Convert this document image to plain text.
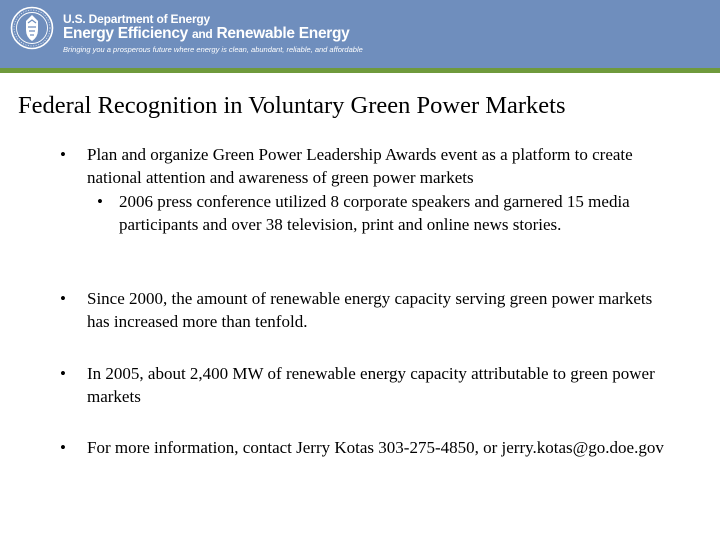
U.S. Department of Energy
Energy Efficiency and Renewable Energy
Bringing you a prosperous future where energy is clean, abundant, reliable, and affordable
Federal Recognition in Voluntary Green Power Markets
•	Plan and organize Green Power Leadership Awards event as a platform to create national attention and awareness of green power markets
• 2006 press conference utilized 8 corporate speakers and garnered 15 media participants and over 38 television, print and online news stories.
•	Since 2000, the amount of renewable energy capacity serving green power markets has increased more than tenfold.
•	In 2005, about 2,400 MW of renewable energy capacity attributable to green power markets
•	For more information, contact Jerry Kotas 303-275-4850, or jerry.kotas@go.doe.gov
